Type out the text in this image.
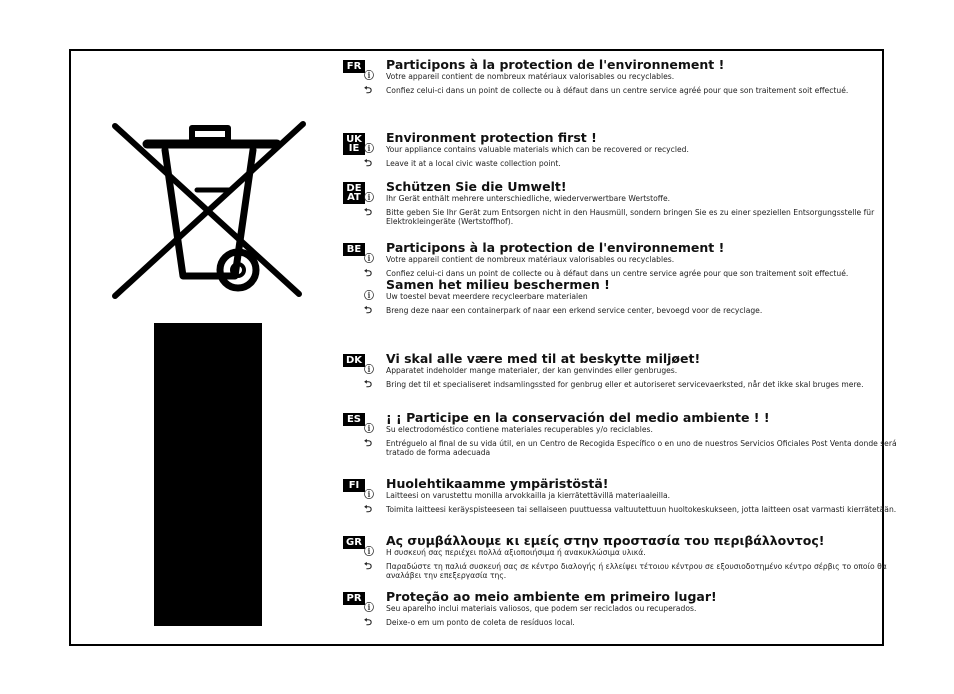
FR Participons à la protection de l'environnement !

ⓘ Votre appareil contient de nombreux matériaux valorisables ou recyclables.

⮌ Confiez celui-ci dans un point de collecte ou à défaut dans un centre service agréé pour que son traitement soit effectué.

UK
IE

Environment protection first !

ⓘ Your appliance contains valuable materials which can be recovered or recycled.

⮌ Leave it at a local civic waste collection point.

DE
AT

Schützen Sie die Umwelt!

ⓘ Ihr Gerät enthält mehrere unterschiedliche, wiederverwertbare Wertstoffe.

⮌ Bitte geben Sie Ihr Gerät zum Entsorgen nicht in den Hausmüll, sondern bringen Sie es zu einer speziellen Entsorgungsstelle für Elektrokleingeräte (Wertstoffhof).

BE Participons à la protection de l'environnement !

ⓘ Votre appareil contient de nombreux matériaux valorisables ou recyclables.

⮌ Confiez celui-ci dans un point de collecte ou à défaut dans un centre service agrée pour que son traitement soit effectué.

Samen het milieu beschermen !

ⓘ Uw toestel bevat meerdere recycleerbare materialen

⮌ Breng deze naar een containerpark of naar een erkend service center, bevoegd voor de recyclage.

DK Vi skal alle være med til at beskytte miljøet!

ⓘ Apparatet indeholder mange materialer, der kan genvindes eller genbruges.

⮌ Bring det til et specialiseret indsamlingssted for genbrug eller et autoriseret servicevaerksted, når det ikke skal bruges mere.

ES ¡ ¡ Participe en la conservación del medio ambiente ! !

ⓘ Su electrodoméstico contiene materiales recuperables y/o reciclables.

⮌ Entréguelo al final de su vida útil, en un Centro de Recogida Específico o en uno de nuestros Servicios Oficiales Post Venta donde será tratado de forma adecuada

FI Huolehtikaamme ympäristöstä!

ⓘ Laitteesi on varustettu monilla arvokkailla ja kierrätettävillä materiaaleilla.

⮌ Toimita laitteesi keräyspisteeseen tai sellaiseen puuttuessa valtuutettuun huoltokeskukseen, jotta laitteen osat varmasti kierrätetään.

GR Ας συμβάλλουμε κι εμείς στην προστασία του περιβάλλοντος!

ⓘ Η συσκευή σας περιέχει πολλά αξιοποιήσιμα ή ανακυκλώσιμα υλικά.

⮌ Παραδώστε τη παλιά συσκευή σας σε κέντρο διαλογής ή ελλείψει τέτοιου κέντρου σε εξουσιοδοτημένο κέντρο σέρβις το οποίο θα αναλάβει την επεξεργασία της.

PR Proteção ao meio ambiente em primeiro lugar!

ⓘ Seu aparelho inclui materiais valiosos, que podem ser reciclados ou recuperados.

⮌ Deixe-o em um ponto de coleta de resíduos local.
